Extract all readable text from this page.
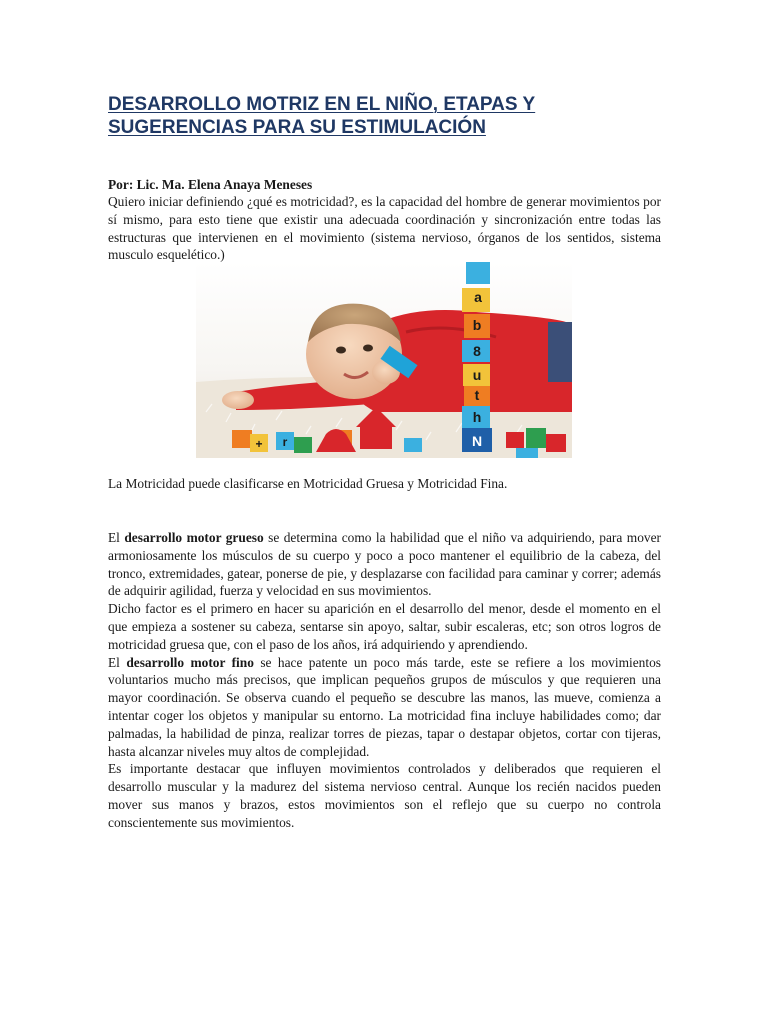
DESARROLLO MOTRIZ EN EL NIÑO, ETAPAS Y
SUGERENCIAS PARA SU ESTIMULACIÓN
Por: Lic. Ma. Elena Anaya Meneses

Quiero iniciar definiendo ¿qué es motricidad?, es la capacidad del hombre de generar movimientos por sí mismo, para esto tiene que existir una adecuada coordinación y sincronización entre todas las estructuras que intervienen en el movimiento (sistema nervioso, órganos de los sentidos, sistema musculo esquelético.)

a
b
8
u
t
h
N
+ r

La Motricidad puede clasificarse en Motricidad Gruesa y Motricidad Fina.

El desarrollo motor grueso se determina como la habilidad que el niño va adquiriendo, para mover armoniosamente los músculos de su cuerpo y poco a poco mantener el equilibrio de la cabeza, del tronco, extremidades, gatear, ponerse de pie, y desplazarse con facilidad para caminar y correr; además de adquirir agilidad, fuerza y velocidad en sus movimientos.

Dicho factor es el primero en hacer su aparición en el desarrollo del menor, desde el momento en el que empieza a sostener su cabeza, sentarse sin apoyo, saltar, subir escaleras, etc; son otros logros de motricidad gruesa que, con el paso de los años, irá adquiriendo y aprendiendo.

El desarrollo motor fino se hace patente un poco más tarde, este se refiere a los movimientos voluntarios mucho más precisos, que implican pequeños grupos de músculos y que requieren una mayor coordinación. Se observa cuando el pequeño se descubre las manos, las mueve, comienza a intentar coger los objetos y manipular su entorno. La motricidad fina incluye habilidades como; dar palmadas, la habilidad de pinza, realizar torres de piezas, tapar o destapar objetos, cortar con tijeras, hasta alcanzar niveles muy altos de complejidad.

Es importante destacar que influyen movimientos controlados y deliberados que requieren el desarrollo muscular y la madurez del sistema nervioso central. Aunque los recién nacidos pueden mover sus manos y brazos, estos movimientos son el reflejo que su cuerpo no controla conscientemente sus movimientos.
